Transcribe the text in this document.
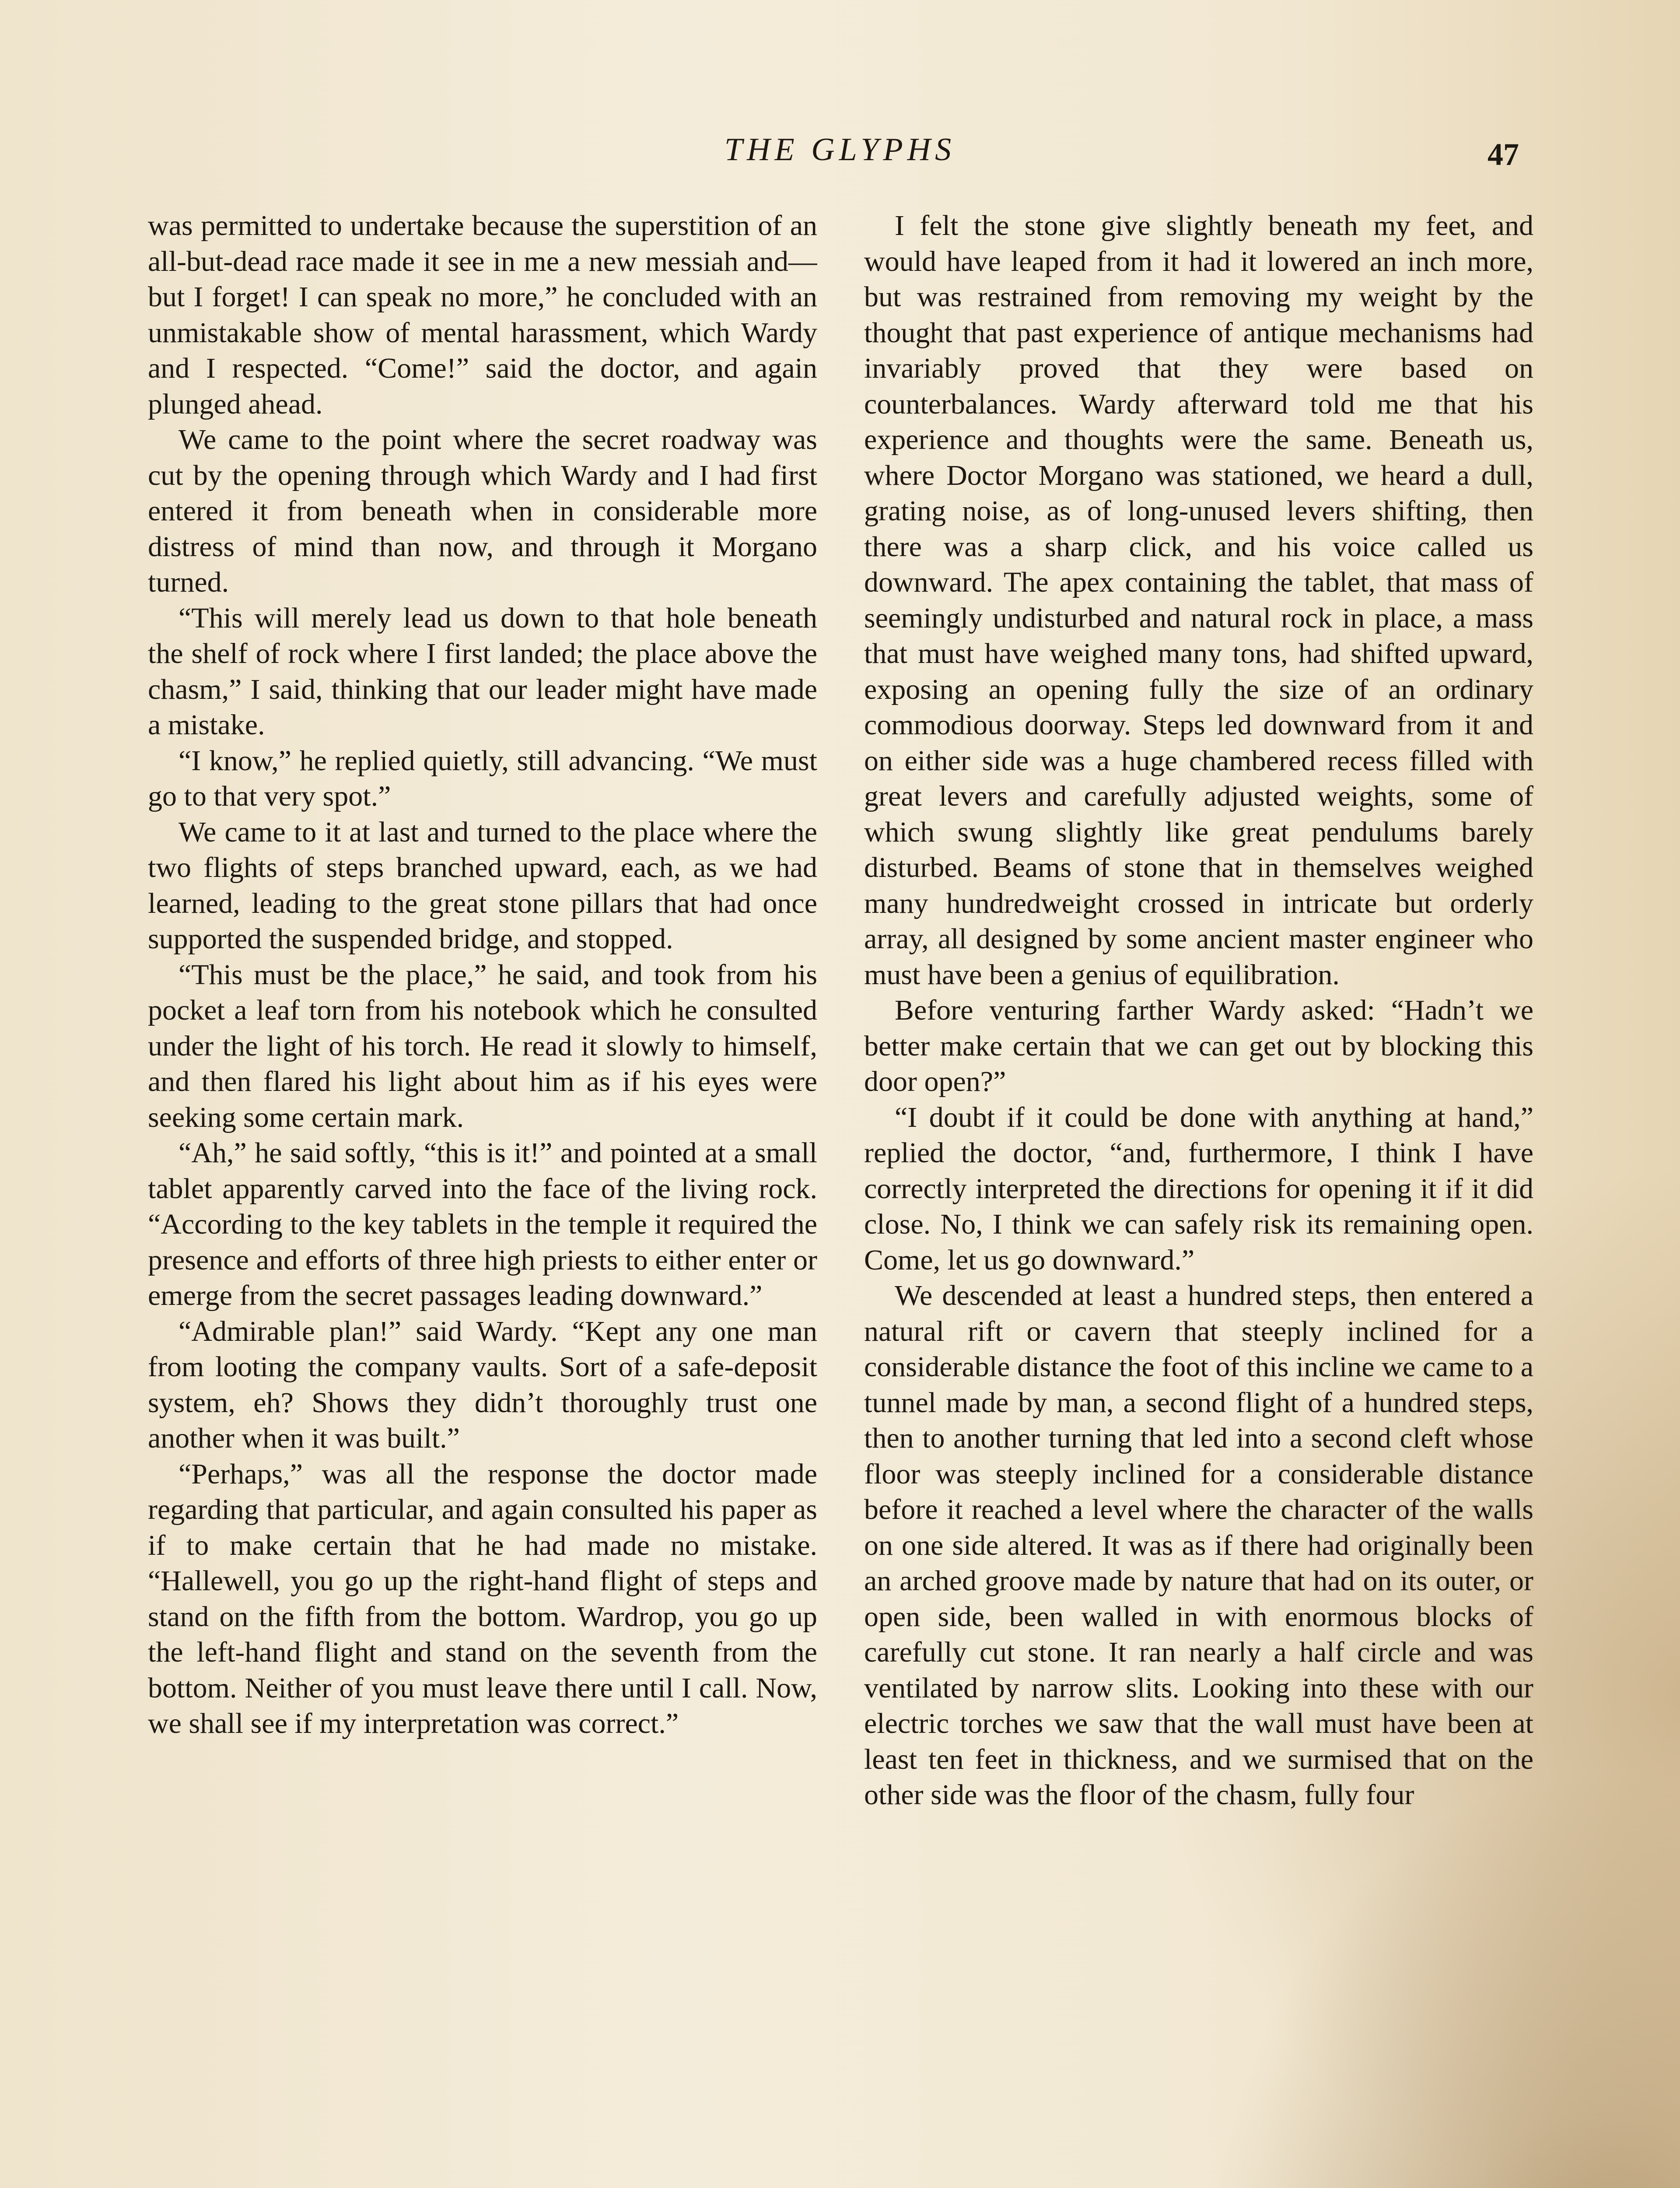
THE GLYPHS	47

was permitted to undertake because the superstition of an all-but-dead race made it see in me a new messiah and—but I forget! I can speak no more,” he concluded with an unmistakable show of mental harassment, which Wardy and I respected. “Come!” said the doctor, and again plunged ahead.

We came to the point where the secret roadway was cut by the opening through which Wardy and I had first entered it from beneath when in considerable more distress of mind than now, and through it Morgano turned.

“This will merely lead us down to that hole beneath the shelf of rock where I first landed; the place above the chasm,” I said, thinking that our leader might have made a mistake.

“I know,” he replied quietly, still advancing. “We must go to that very spot.”

We came to it at last and turned to the place where the two flights of steps branched upward, each, as we had learned, leading to the great stone pillars that had once supported the suspended bridge, and stopped.

“This must be the place,” he said, and took from his pocket a leaf torn from his notebook which he consulted under the light of his torch. He read it slowly to himself, and then flared his light about him as if his eyes were seeking some certain mark.

“Ah,” he said softly, “this is it!” and pointed at a small tablet apparently carved into the face of the living rock. “According to the key tablets in the temple it required the presence and efforts of three high priests to either enter or emerge from the secret passages leading downward.”

“Admirable plan!” said Wardy. “Kept any one man from looting the company vaults. Sort of a safe-deposit system, eh? Shows they didn’t thoroughly trust one another when it was built.”

“Perhaps,” was all the response the doctor made regarding that particular, and again consulted his paper as if to make certain that he had made no mistake. “Hallewell, you go up the right-hand flight of steps and stand on the fifth from the bottom. Wardrop, you go up the left-hand flight and stand on the seventh from the bottom. Neither of you must leave there until I call. Now, we shall see if my interpretation was correct.”

I felt the stone give slightly beneath my feet, and would have leaped from it had it lowered an inch more, but was restrained from removing my weight by the thought that past experience of antique mechanisms had invariably proved that they were based on counterbalances. Wardy afterward told me that his experience and thoughts were the same. Beneath us, where Doctor Morgano was stationed, we heard a dull, grating noise, as of long-unused levers shifting, then there was a sharp click, and his voice called us downward. The apex containing the tablet, that mass of seemingly undisturbed and natural rock in place, a mass that must have weighed many tons, had shifted upward, exposing an opening fully the size of an ordinary commodious doorway. Steps led downward from it and on either side was a huge chambered recess filled with great levers and carefully adjusted weights, some of which swung slightly like great pendulums barely disturbed. Beams of stone that in themselves weighed many hundredweight crossed in intricate but orderly array, all designed by some ancient master engineer who must have been a genius of equilibration.

Before venturing farther Wardy asked: “Hadn’t we better make certain that we can get out by blocking this door open?”

“I doubt if it could be done with anything at hand,” replied the doctor, “and, furthermore, I think I have correctly interpreted the directions for opening it if it did close. No, I think we can safely risk its remaining open. Come, let us go downward.”

We descended at least a hundred steps, then entered a natural rift or cavern that steeply inclined for a considerable distance the foot of this incline we came to a tunnel made by man, a second flight of a hundred steps, then to another turning that led into a second cleft whose floor was steeply inclined for a considerable distance before it reached a level where the character of the walls on one side altered. It was as if there had originally been an arched groove made by nature that had on its outer, or open side, been walled in with enormous blocks of carefully cut stone. It ran nearly a half circle and was ventilated by narrow slits. Looking into these with our electric torches we saw that the wall must have been at least ten feet in thickness, and we surmised that on the other side was the floor of the chasm, fully four
